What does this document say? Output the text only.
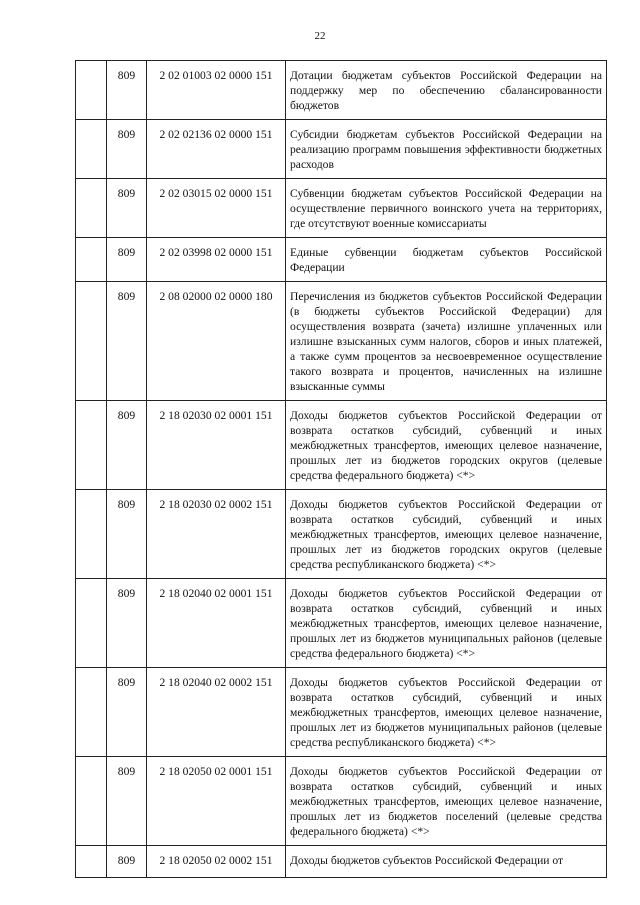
22
	809	2 02 01003 02 0000 151	Дотации бюджетам субъектов Российской Федерации на поддержку мер по обеспечению сбалансированности бюджетов
	809	2 02 02136 02 0000 151	Субсидии бюджетам субъектов Российской Федерации на реализацию программ повышения эффективности бюджетных расходов
	809	2 02 03015 02 0000 151	Субвенции бюджетам субъектов Российской Федерации на осуществление первичного воинского учета на территориях, где отсутствуют военные комиссариаты
	809	2 02 03998 02 0000 151	Единые субвенции бюджетам субъектов Российской Федерации
	809	2 08 02000 02 0000 180	Перечисления из бюджетов субъектов Российской Федерации (в бюджеты субъектов Российской Федерации) для осуществления возврата (зачета) излишне уплаченных или излишне взысканных сумм налогов, сборов и иных платежей, а также сумм процентов за несвоевременное осуществление такого возврата и процентов, начисленных на излишне взысканные суммы
	809	2 18 02030 02 0001 151	Доходы бюджетов субъектов Российской Федерации от возврата остатков субсидий, субвенций и иных межбюджетных трансфертов, имеющих целевое назначение, прошлых лет из бюджетов городских округов (целевые средства федерального бюджета) <*>
	809	2 18 02030 02 0002 151	Доходы бюджетов субъектов Российской Федерации от возврата остатков субсидий, субвенций и иных межбюджетных трансфертов, имеющих целевое назначение, прошлых лет из бюджетов городских округов (целевые средства республиканского бюджета) <*>
	809	2 18 02040 02 0001 151	Доходы бюджетов субъектов Российской Федерации от возврата остатков субсидий, субвенций и иных межбюджетных трансфертов, имеющих целевое назначение, прошлых лет из бюджетов муниципальных районов (целевые средства федерального бюджета) <*>
	809	2 18 02040 02 0002 151	Доходы бюджетов субъектов Российской Федерации от возврата остатков субсидий, субвенций и иных межбюджетных трансфертов, имеющих целевое назначение, прошлых лет из бюджетов муниципальных районов (целевые средства республиканского бюджета) <*>
	809	2 18 02050 02 0001 151	Доходы бюджетов субъектов Российской Федерации от возврата остатков субсидий, субвенций и иных межбюджетных трансфертов, имеющих целевое назначение, прошлых лет из бюджетов поселений (целевые средства федерального бюджета) <*>
	809	2 18 02050 02 0002 151	Доходы бюджетов субъектов Российской Федерации от
